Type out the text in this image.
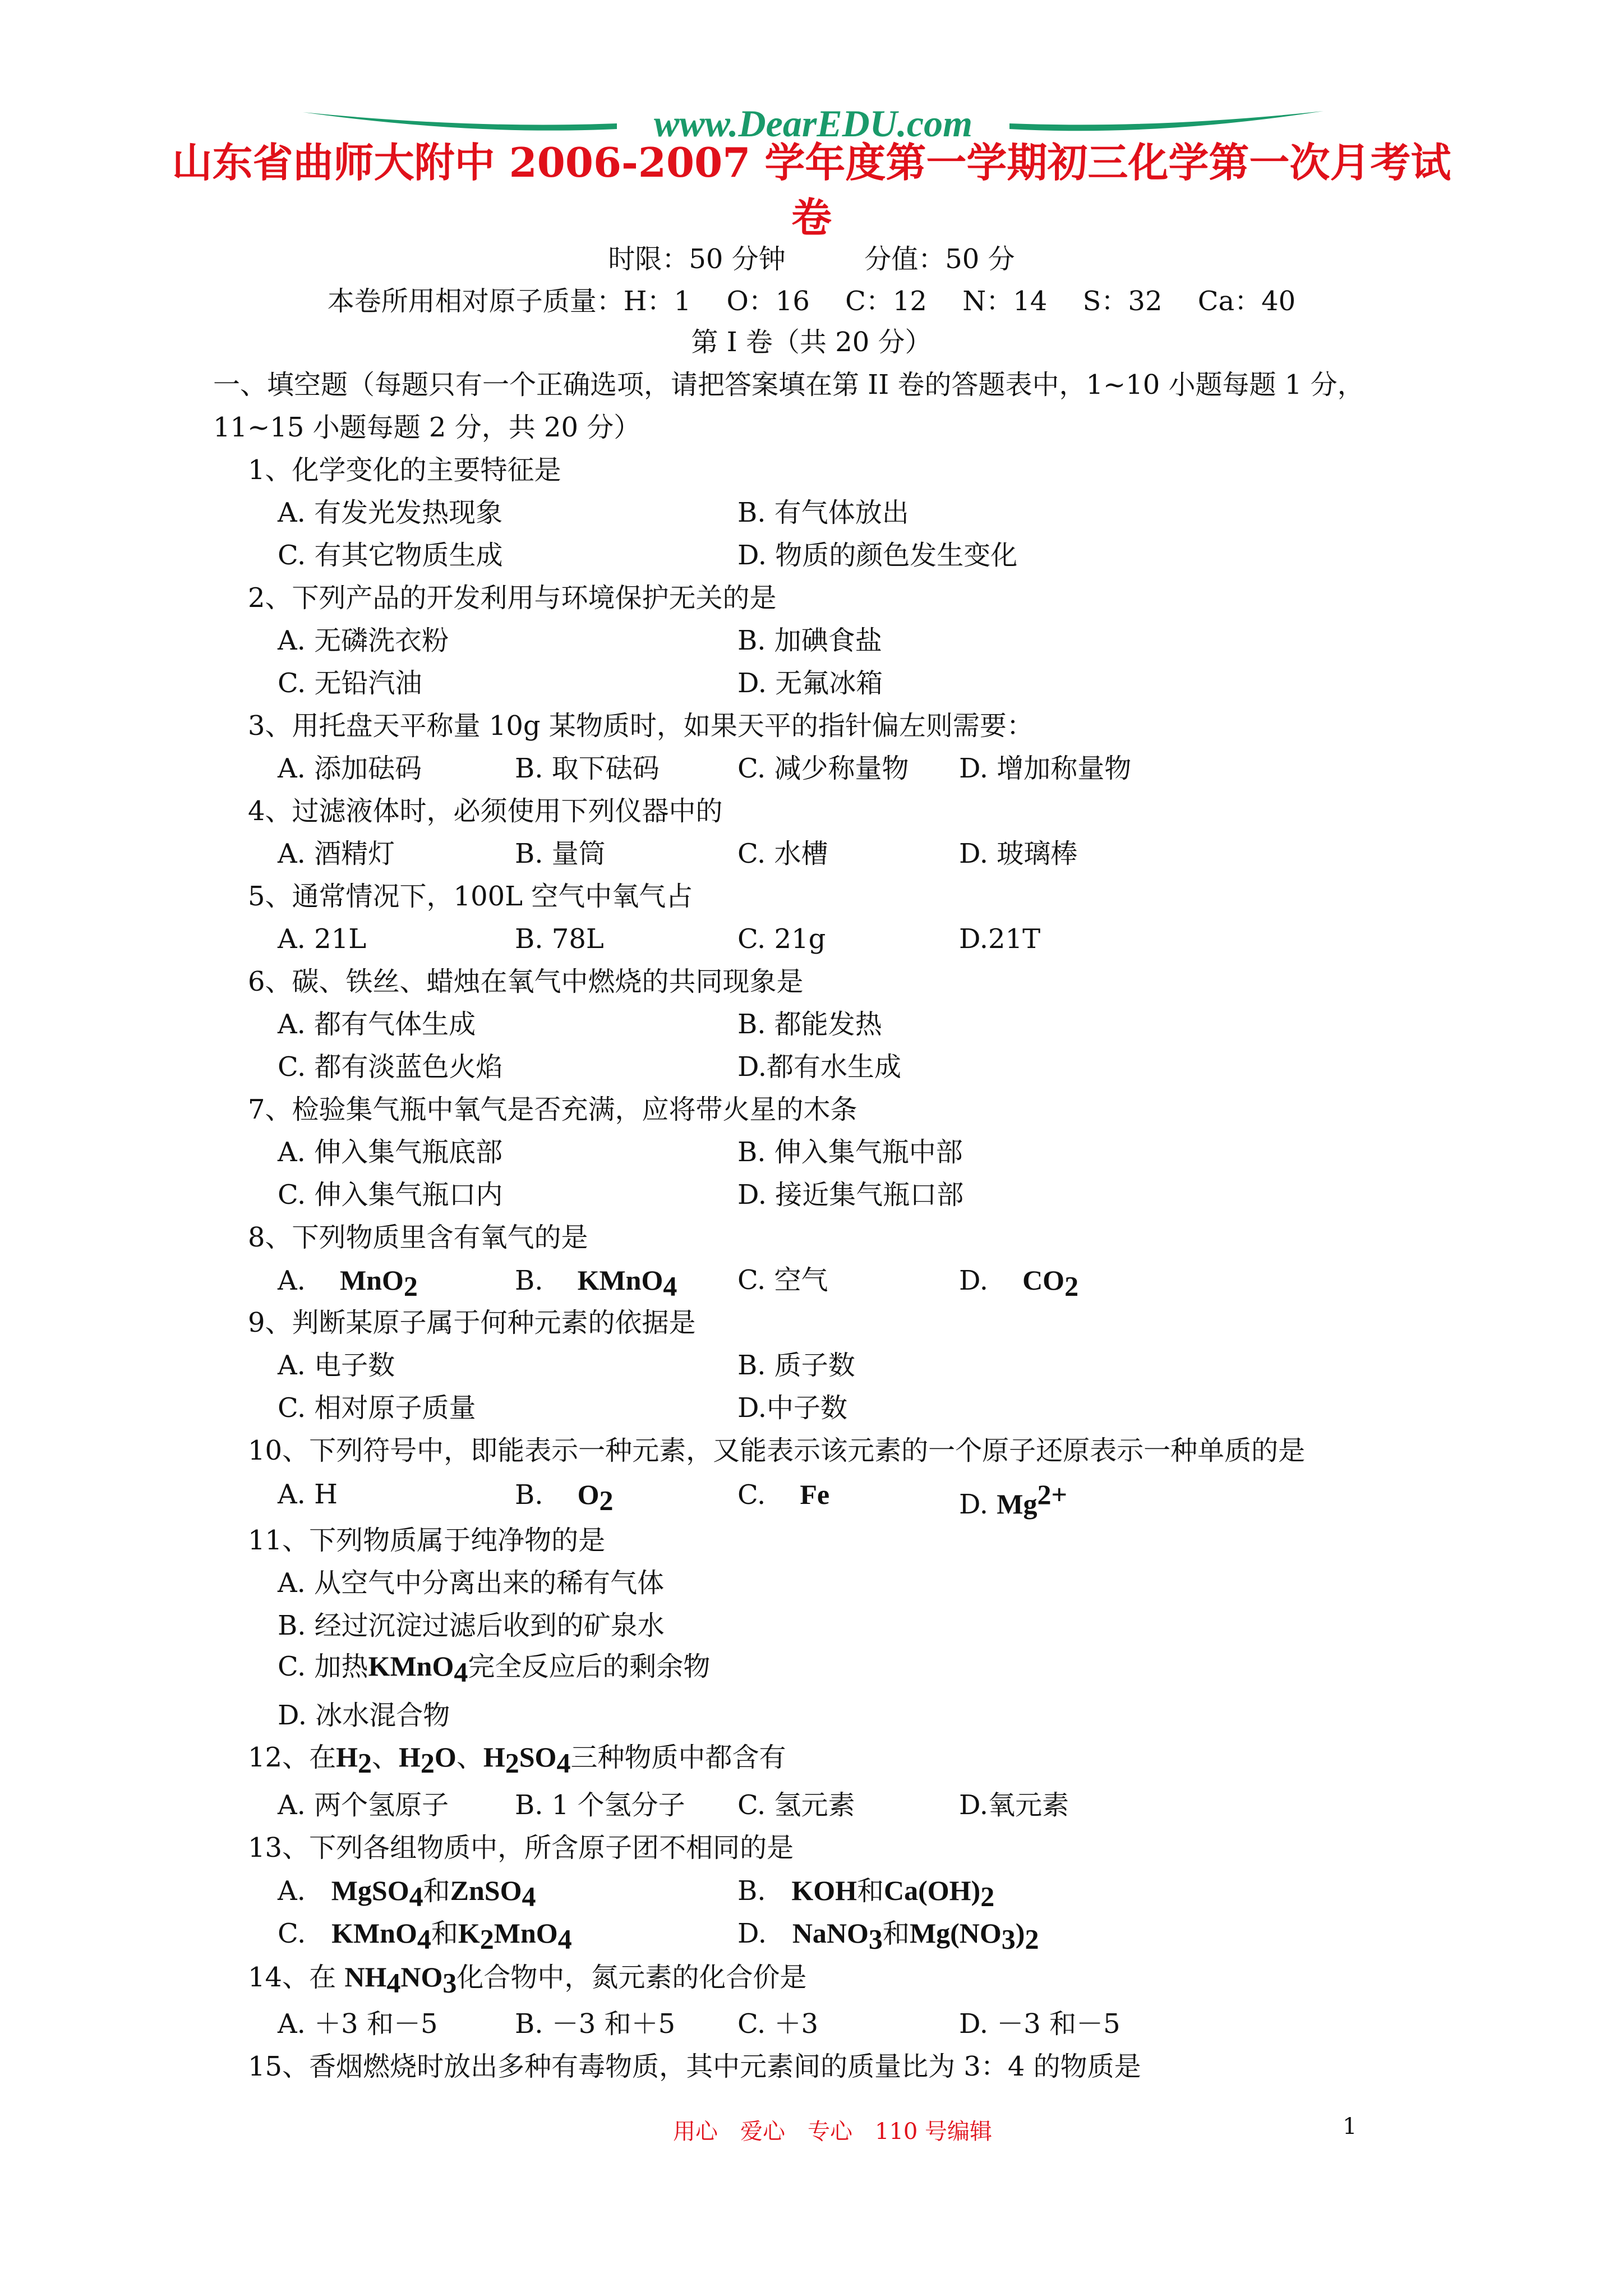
www.DearEDU.com
山东省曲师大附中 2006-2007 学年度第一学期初三化学第一次月考试
卷
时限：50 分钟	分值：50 分
本卷所用相对原子质量：H：1　 O：16　 C：12　 N：14　 S：32　 Ca：40
第 I 卷（共 20 分）
一、填空题（每题只有一个正确选项，请把答案填在第 II 卷的答题表中，1~10 小题每题 1 分，
11~15 小题每题 2 分，共 20 分）
1、化学变化的主要特征是
A. 有发光发热现象	B. 有气体放出
C. 有其它物质生成	D. 物质的颜色发生变化
2、下列产品的开发利用与环境保护无关的是
A. 无磷洗衣粉	B. 加碘食盐
C. 无铅汽油	D. 无氟冰箱
3、用托盘天平称量 10g 某物质时，如果天平的指针偏左则需要：
A. 添加砝码	B. 取下砝码	C. 减少称量物 D. 增加称量物
4、过滤液体时，必须使用下列仪器中的
A. 酒精灯	B. 量筒	C. 水槽	D. 玻璃棒
5、通常情况下，100L 空气中氧气占
A. 21L	B. 78L	C. 21g	D.21T
6、碳、铁丝、蜡烛在氧气中燃烧的共同现象是
A. 都有气体生成	B. 都能发热
C. 都有淡蓝色火焰	D.都有水生成
7、检验集气瓶中氧气是否充满，应将带火星的木条
A. 伸入集气瓶底部	B. 伸入集气瓶中部
C. 伸入集气瓶口内	D. 接近集气瓶口部
8、下列物质里含有氧气的是
A. MnO$_2$	B. KMnO$_4$ C. 空气	D. $CO_2$
9、判断某原子属于何种元素的依据是
A. 电子数	B. 质子数
C. 相对原子质量	D.中子数
10、下列符号中，即能表示一种元素，又能表示该元素的一个原子还原表示一种单质的是
A. H	B. $O_2$	C. Fe	D. $Mg^{2+}$
11、下列物质属于纯净物的是
A. 从空气中分离出来的稀有气体
B. 经过沉淀过滤后收到的矿泉水
C. 加热KMnO$_4$完全反应后的剩余物
D. 冰水混合物
12、在$H_2$、$H_2O$、$H_2SO_4$三种物质中都含有
A. 两个氢原子 B. 1 个氢分子 C. 氢元素	D.氧元素
13、下列各组物质中，所含原子团不相同的是
A. MgSO$_4$和ZnSO$_4$	B. KOH和$Ca(OH)_2$
C. KMnO$_4$和$K_2MnO_4$	D. NaNO$_3$和$Mg(NO_3)_2$
14、在 $NH_4NO_3$化合物中，氮元素的化合价是
A. ＋3 和－5	B. －3 和＋5 C. ＋3	D. －3 和－5
15、香烟燃烧时放出多种有毒物质，其中元素间的质量比为 3：4 的物质是
用心　爱心　专心　110 号编辑	1
